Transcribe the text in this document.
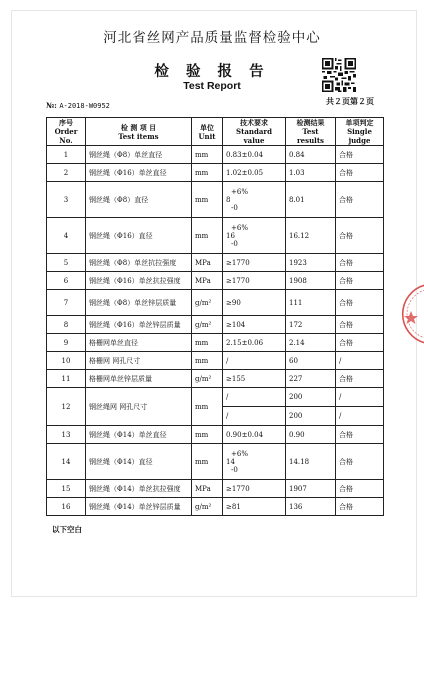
河北省丝网产品质量监督检验中心
检 验 报 告
Test Report
共２页第２页
№: A-2018-W0952
序号
Order No.	检 测 项 目
Test items	单位
Unit	技术要求
Standard value	检测结果
Test results	单项判定
Single judge
1	钢丝绳（Φ8）单丝直径	mm	0.83±0.04	0.84	合格
2	钢丝绳（Φ16）单丝直径	mm	1.02±0.05	1.03	合格
3	钢丝绳（Φ8）直径	mm	+6%
8
-0	8.01	合格
4	钢丝绳（Φ16）直径	mm	+6%
16
-0	16.12	合格
5	钢丝绳（Φ8）单丝抗拉强度	MPa	≥1770	1923	合格
6	钢丝绳（Φ16）单丝抗拉强度	MPa	≥1770	1908	合格
7	钢丝绳（Φ8）单丝锌层质量	g/m²	≥90	111	合格
8	钢丝绳（Φ16）单丝锌层质量	g/m²	≥104	172	合格
9	格栅网单丝直径	mm	2.15±0.06	2.14	合格
10	格栅网 网孔尺寸	mm	/	60	/
11	格栅网单丝锌层质量	g/m²	≥155	227	合格
12	钢丝绳网 网孔尺寸	mm	/	200	/
			/	200	/
13	钢丝绳（Φ14）单丝直径	mm	0.90±0.04	0.90	合格
14	钢丝绳（Φ14）直径	mm	+6%
14
-0	14.18	合格
15	钢丝绳（Φ14）单丝抗拉强度	MPa	≥1770	1907	合格
16	钢丝绳（Φ14）单丝锌层质量	g/m²	≥81	136	合格
以下空白
